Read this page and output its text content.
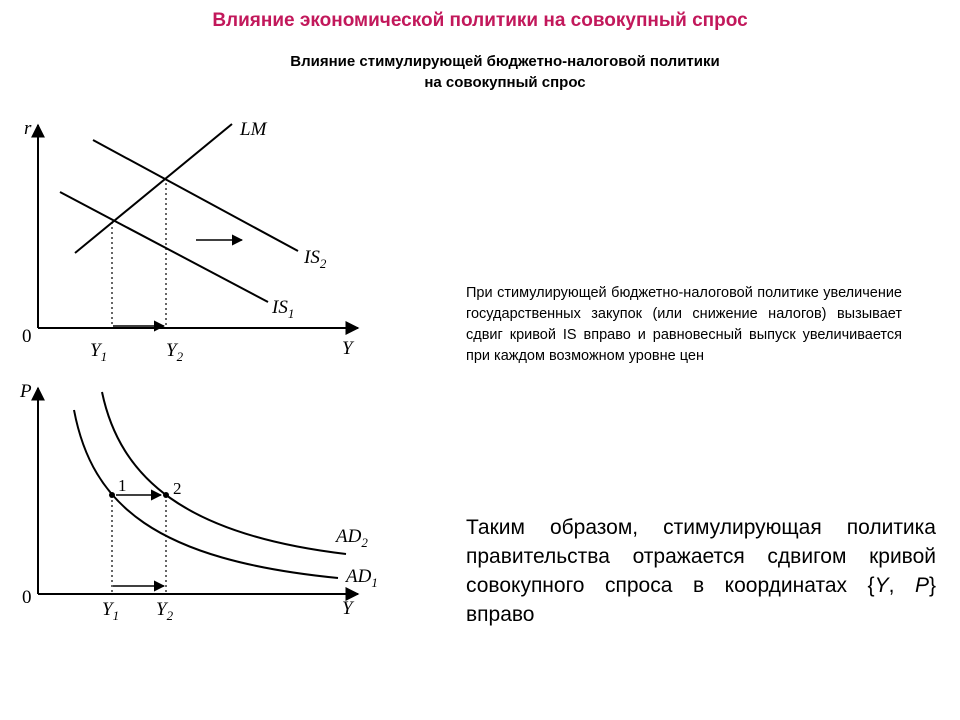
Влияние экономической политики на совокупный спрос
Влияние стимулирующей бюджетно-налоговой политики
на совокупный спрос
r
0
Y
LM
$IS_2$
$IS_1$
$Y_1$	$Y_2$
P
0
Y
1	2
$AD_2$
$AD_1$
$Y_1$ $Y_2$
При стимулирующей бюджетно-налоговой политике увеличение государственных закупок (или снижение налогов) вызывает сдвиг кривой IS вправо и равновесный выпуск увеличивается при каждом возможном уровне цен
Таким образом, стимулирующая политика правительства отражается сдвигом кривой совокупного спроса в координатах {Y, P} вправо
